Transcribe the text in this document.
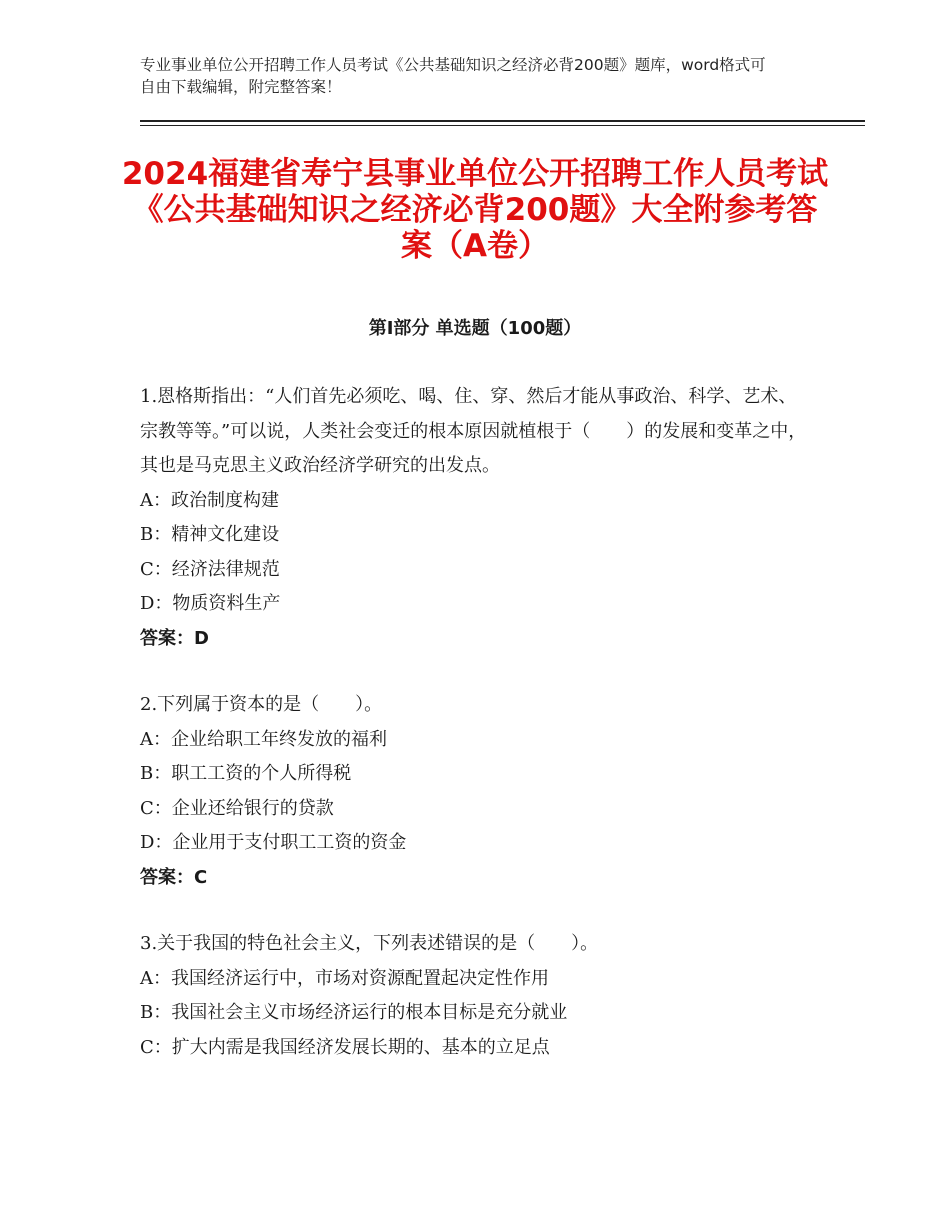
专业事业单位公开招聘工作人员考试《公共基础知识之经济必背200题》题库，word格式可自由下载编辑，附完整答案！
2024福建省寿宁县事业单位公开招聘工作人员考试《公共基础知识之经济必背200题》大全附参考答案（A卷）
第Ⅰ部分 单选题（100题）

1.恩格斯指出：“人们首先必须吃、喝、住、穿、然后才能从事政治、科学、艺术、宗教等等。”可以说，人类社会变迁的根本原因就植根于（　　）的发展和变革之中，其也是马克思主义政治经济学研究的出发点。

A：政治制度构建

B：精神文化建设

C：经济法律规范

D：物质资料生产

答案：D

2.下列属于资本的是（　　）。

A：企业给职工年终发放的福利

B：职工工资的个人所得税

C：企业还给银行的贷款

D：企业用于支付职工工资的资金

答案：C

3.关于我国的特色社会主义，下列表述错误的是（　　）。

A：我国经济运行中，市场对资源配置起决定性作用

B：我国社会主义市场经济运行的根本目标是充分就业

C：扩大内需是我国经济发展长期的、基本的立足点
